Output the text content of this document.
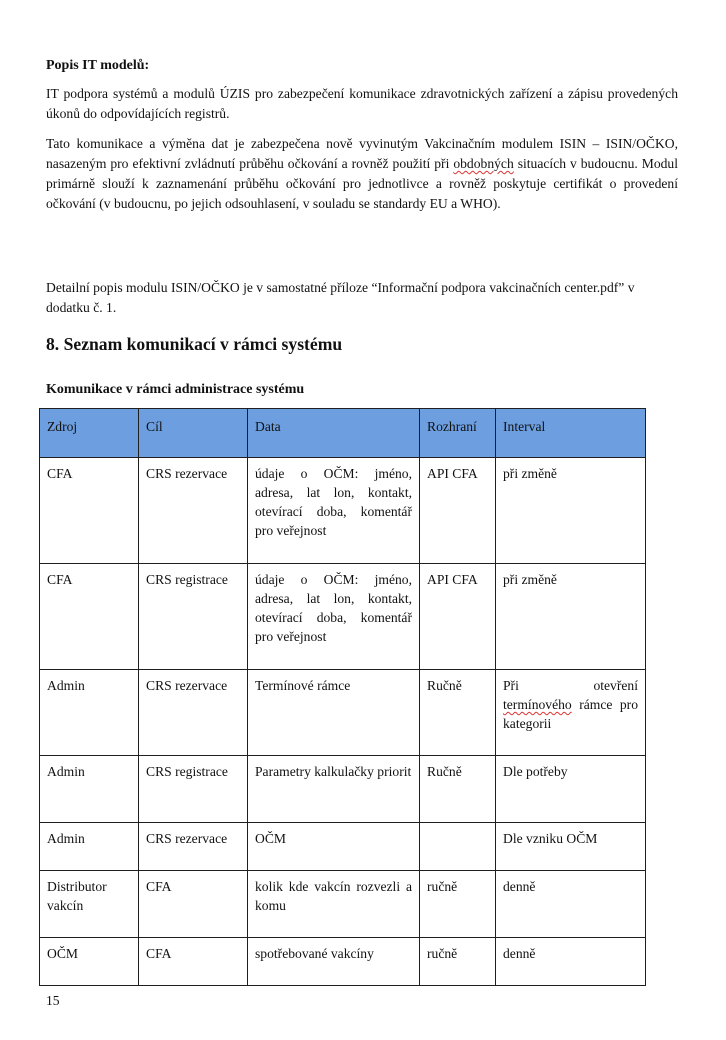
Popis IT modelů:

IT podpora systémů a modulů ÚZIS pro zabezpečení komunikace zdravotnických zařízení a zápisu provedených úkonů do odpovídajících registrů.

Tato komunikace a výměna dat je zabezpečena nově vyvinutým Vakcinačním modulem ISIN – ISIN/OČKO, nasazeným pro efektivní zvládnutí průběhu očkování a rovněž použití při obdobných situacích v budoucnu. Modul primárně slouží k zaznamenání průběhu očkování pro jednotlivce a rovněž poskytuje certifikát o provedení očkování (v budoucnu, po jejich odsouhlasení, v souladu se standardy EU a WHO).

Detailní popis modulu ISIN/OČKO je v samostatné příloze “Informační podpora vakcinačních center.pdf” v dodatku č. 1.

8. Seznam komunikací v rámci systému

Komunikace v rámci administrace systému

Zdroj	Cíl	Data	Rozhraní	Interval
CFA	CRS rezervace	údaje o OČM: jméno, adresa, lat lon, kontakt, otevírací doba, komentář pro veřejnost	API CFA	při změně
CFA	CRS registrace	údaje o OČM: jméno, adresa, lat lon, kontakt, otevírací doba, komentář pro veřejnost	API CFA	při změně
Admin	CRS rezervace	Termínové rámce	Ručně	Při otevření termínového rámce pro kategorii
Admin	CRS registrace	Parametry kalkulačky priorit	Ručně	Dle potřeby
Admin	CRS rezervace	OČM		Dle vzniku OČM
Distributor vakcín	CFA	kolik kde vakcín rozvezli a komu	ručně	denně
OČM	CFA	spotřebované vakcíny	ručně	denně
15
